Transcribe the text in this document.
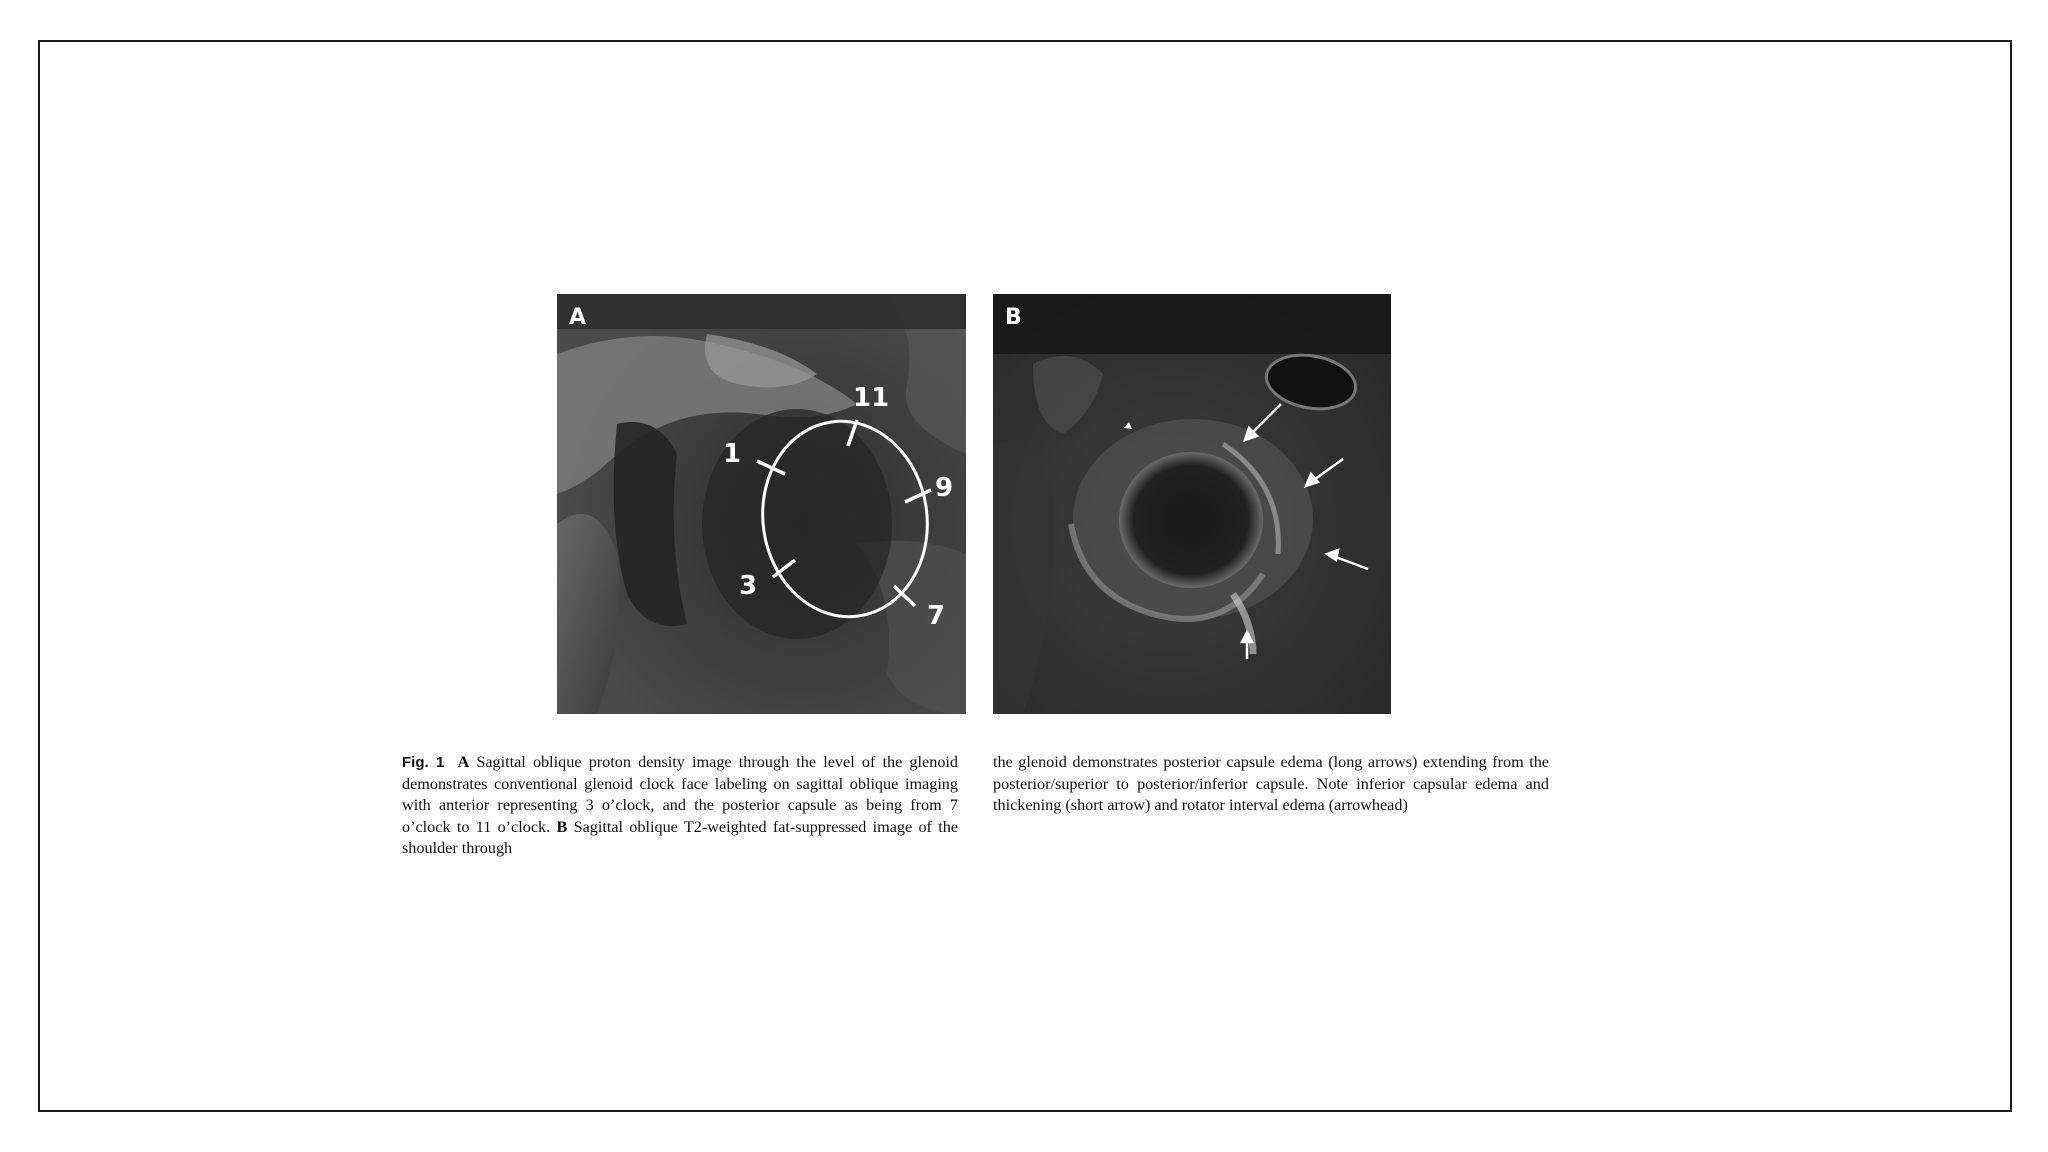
A
11
1
9
3
7
B
Fig. 1 A Sagittal oblique proton density image through the level of the glenoid demonstrates conventional glenoid clock face labeling on sagittal oblique imaging with anterior representing 3 o’clock, and the posterior capsule as being from 7 o’clock to 11 o’clock. B Sagittal oblique T2-weighted fat-suppressed image of the shoulder through
the glenoid demonstrates posterior capsule edema (long arrows) extending from the posterior/superior to posterior/inferior capsule. Note inferior capsular edema and thickening (short arrow) and rotator interval edema (arrowhead)
